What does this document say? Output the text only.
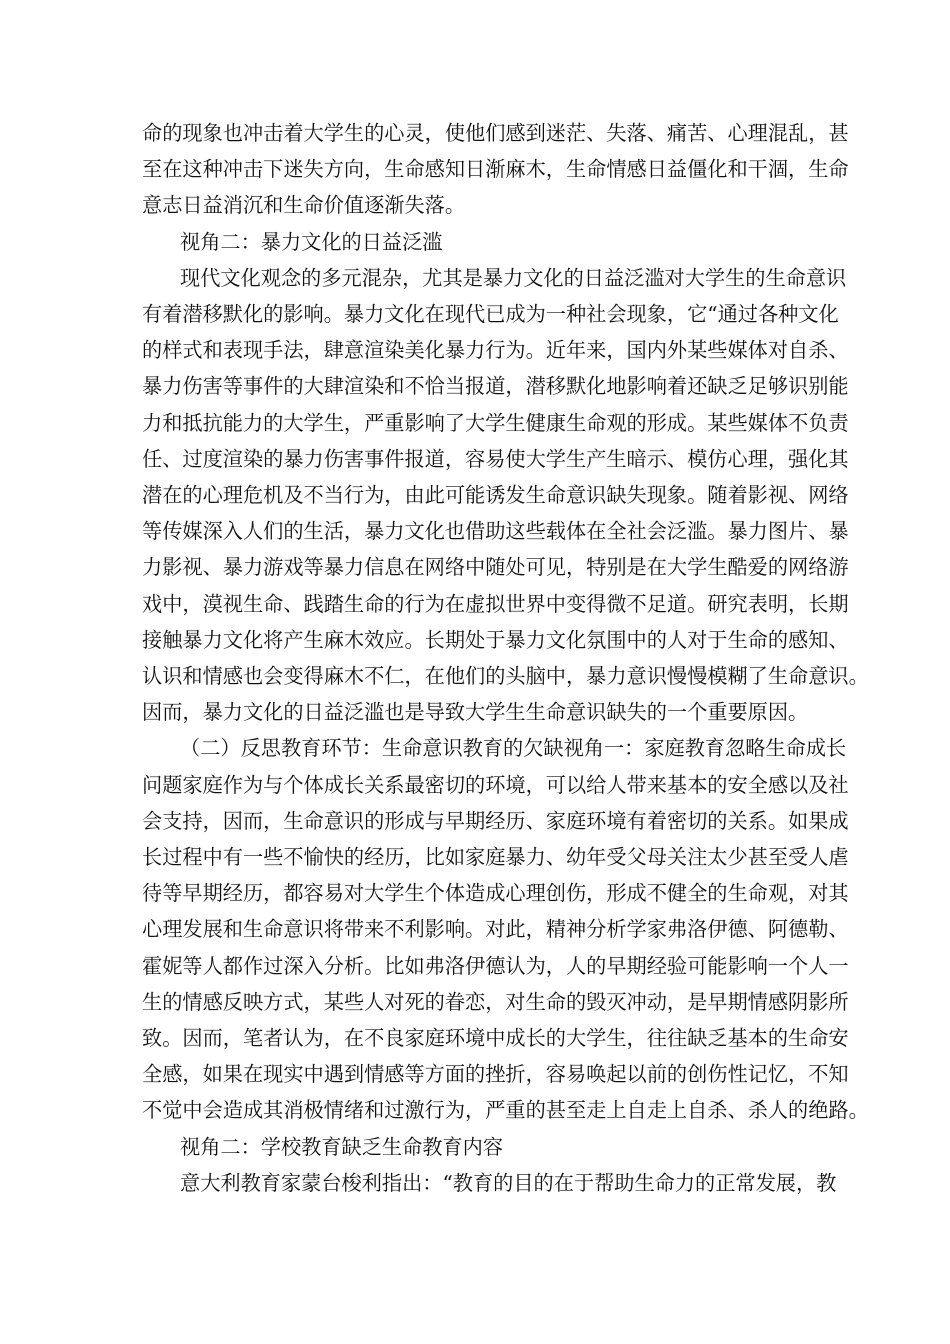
命的现象也冲击着大学生的心灵，使他们感到迷茫、失落、痛苦、心理混乱，甚
至在这种冲击下迷失方向，生命感知日渐麻木，生命情感日益僵化和干涸，生命
意志日益消沉和生命价值逐渐失落。
视角二：暴力文化的日益泛滥
现代文化观念的多元混杂，尤其是暴力文化的日益泛滥对大学生的生命意识
有着潜移默化的影响。暴力文化在现代已成为一种社会现象，它“通过各种文化
的样式和表现手法，肆意渲染美化暴力行为。近年来，国内外某些媒体对自杀、
暴力伤害等事件的大肆渲染和不恰当报道，潜移默化地影响着还缺乏足够识别能
力和抵抗能力的大学生，严重影响了大学生健康生命观的形成。某些媒体不负责
任、过度渲染的暴力伤害事件报道，容易使大学生产生暗示、模仿心理，强化其
潜在的心理危机及不当行为，由此可能诱发生命意识缺失现象。随着影视、网络
等传媒深入人们的生活，暴力文化也借助这些载体在全社会泛滥。暴力图片、暴
力影视、暴力游戏等暴力信息在网络中随处可见，特别是在大学生酷爱的网络游
戏中，漠视生命、践踏生命的行为在虚拟世界中变得微不足道。研究表明，长期
接触暴力文化将产生麻木效应。长期处于暴力文化氛围中的人对于生命的感知、
认识和情感也会变得麻木不仁，在他们的头脑中，暴力意识慢慢模糊了生命意识。
因而，暴力文化的日益泛滥也是导致大学生生命意识缺失的一个重要原因。
（二）反思教育环节：生命意识教育的欠缺视角一：家庭教育忽略生命成长
问题家庭作为与个体成长关系最密切的环境，可以给人带来基本的安全感以及社
会支持，因而，生命意识的形成与早期经历、家庭环境有着密切的关系。如果成
长过程中有一些不愉快的经历，比如家庭暴力、幼年受父母关注太少甚至受人虐
待等早期经历，都容易对大学生个体造成心理创伤，形成不健全的生命观，对其
心理发展和生命意识将带来不利影响。对此，精神分析学家弗洛伊德、阿德勒、
霍妮等人都作过深入分析。比如弗洛伊德认为，人的早期经验可能影响一个人一
生的情感反映方式，某些人对死的眷恋，对生命的毁灭冲动，是早期情感阴影所
致。因而，笔者认为，在不良家庭环境中成长的大学生，往往缺乏基本的生命安
全感，如果在现实中遇到情感等方面的挫折，容易唤起以前的创伤性记忆，不知
不觉中会造成其消极情绪和过激行为，严重的甚至走上自走上自杀、杀人的绝路。
视角二：学校教育缺乏生命教育内容
意大利教育家蒙台梭利指出：“教育的目的在于帮助生命力的正常发展，教
